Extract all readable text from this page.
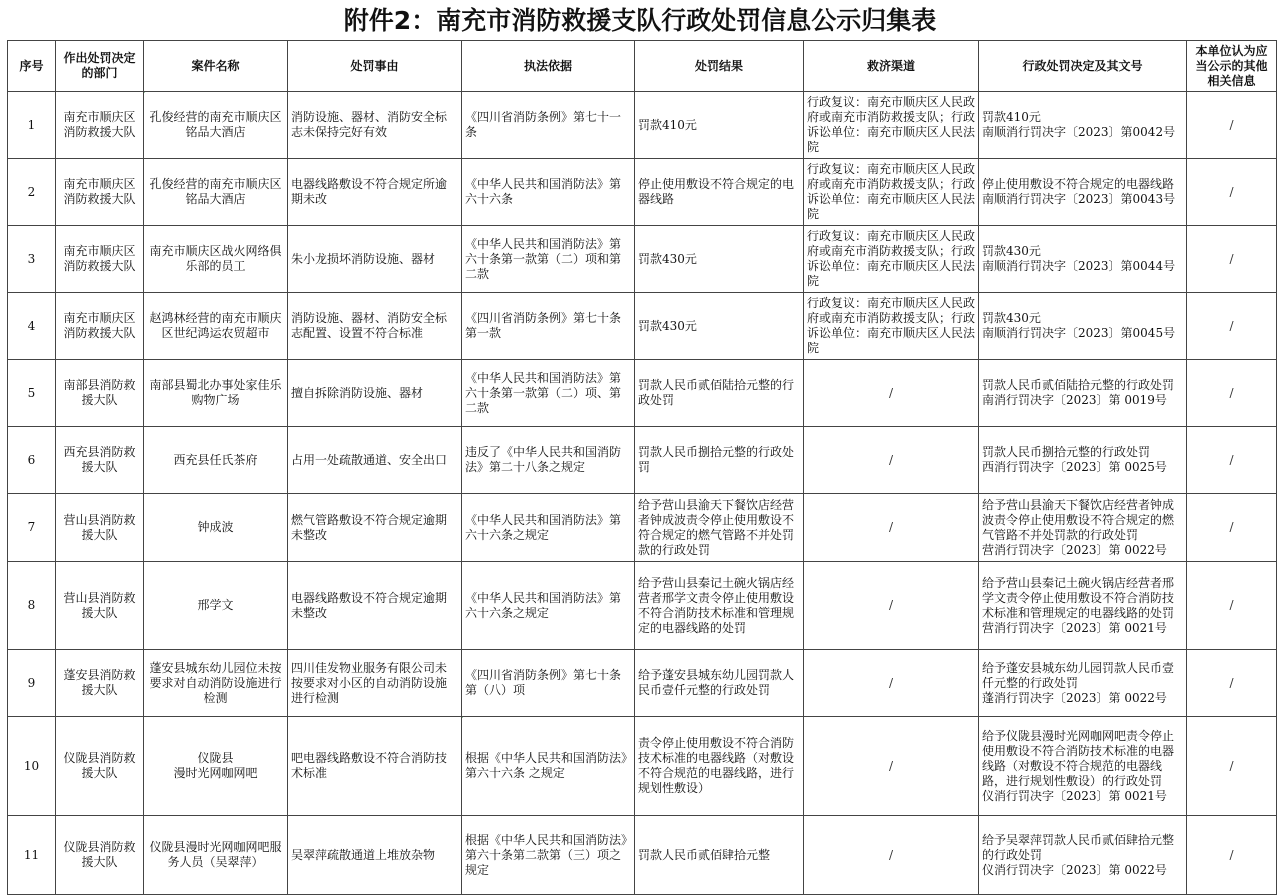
附件2：南充市消防救援支队行政处罚信息公示归集表
序号	作出处罚决定的部门	案件名称	处罚事由	执法依据	处罚结果	救济渠道	行政处罚决定及其文号	本单位认为应当公示的其他相关信息
1	南充市顺庆区消防救援大队	孔俊经营的南充市顺庆区铭品大酒店	消防设施、器材、消防安全标志未保持完好有效	《四川省消防条例》第七十一条	罚款410元	行政复议：南充市顺庆区人民政府或南充市消防救援支队；行政诉讼单位：南充市顺庆区人民法院	罚款410元
南顺消行罚决字〔2023〕第0042号	/
2	南充市顺庆区消防救援大队	孔俊经营的南充市顺庆区铭品大酒店	电器线路敷设不符合规定所逾期未改	《中华人民共和国消防法》第六十六条	停止使用敷设不符合规定的电器线路	行政复议：南充市顺庆区人民政府或南充市消防救援支队；行政诉讼单位：南充市顺庆区人民法院	停止使用敷设不符合规定的电器线路
南顺消行罚决字〔2023〕第0043号	/
3	南充市顺庆区消防救援大队	南充市顺庆区战火网络俱乐部的员工	朱小龙损坏消防设施、器材	《中华人民共和国消防法》第六十条第一款第（二）项和第二款	罚款430元	行政复议：南充市顺庆区人民政府或南充市消防救援支队；行政诉讼单位：南充市顺庆区人民法院	罚款430元
南顺消行罚决字〔2023〕第0044号	/
4	南充市顺庆区消防救援大队	赵鸿林经营的南充市顺庆区世纪鸿运农贸超市	消防设施、器材、消防安全标志配置、设置不符合标准	《四川省消防条例》第七十条第一款	罚款430元	行政复议：南充市顺庆区人民政府或南充市消防救援支队；行政诉讼单位：南充市顺庆区人民法院	罚款430元
南顺消行罚决字〔2023〕第0045号	/
5	南部县消防救援大队	南部县蜀北办事处家佳乐购物广场	擅自拆除消防设施、器材	《中华人民共和国消防法》第六十条第一款第（二）项、第二款	罚款人民币贰佰陆拾元整的行政处罚	/	罚款人民币贰佰陆拾元整的行政处罚
南消行罚决字〔2023〕第 0019号	/
6	西充县消防救援大队	西充县任氏茶府	占用一处疏散通道、安全出口	违反了《中华人民共和国消防法》第二十八条之规定	罚款人民币捌拾元整的行政处罚	/	罚款人民币捌拾元整的行政处罚
西消行罚决字〔2023〕第 0025号	/
7	营山县消防救援大队	钟成波	燃气管路敷设不符合规定逾期未整改	《中华人民共和国消防法》第六十六条之规定	给予营山县渝天下餐饮店经营者钟成波责令停止使用敷设不符合规定的燃气管路不并处罚款的行政处罚	/	给予营山县渝天下餐饮店经营者钟成波责令停止使用敷设不符合规定的燃气管路不并处罚款的行政处罚
营消行罚决字〔2023〕第 0022号	/
8	营山县消防救援大队	邢学文	电器线路敷设不符合规定逾期未整改	《中华人民共和国消防法》第六十六条之规定	给予营山县秦记土碗火锅店经营者邢学文责令停止使用敷设不符合消防技术标准和管理规定的电器线路的处罚	/	给予营山县秦记土碗火锅店经营者邢学文责令停止使用敷设不符合消防技术标准和管理规定的电器线路的处罚
营消行罚决字〔2023〕第 0021号	/
9	蓬安县消防救援大队	蓬安县城东幼儿园位未按要求对自动消防设施进行检测	四川佳发物业服务有限公司未按要求对小区的自动消防设施进行检测	《四川省消防条例》第七十条第（八）项	给予蓬安县城东幼儿园罚款人民币壹仟元整的行政处罚	/	给予蓬安县城东幼儿园罚款人民币壹仟元整的行政处罚
蓬消行罚决字〔2023〕第 0022号	/
10	仪陇县消防救援大队	仪陇县
漫时光网咖网吧	吧电器线路敷设不符合消防技术标准	根据《中华人民共和国消防法》第六十六条 之规定	责令停止使用敷设不符合消防技术标准的电器线路（对敷设不符合规范的电器线路，进行规划性敷设）	/	给予仪陇县漫时光网咖网吧责令停止使用敷设不符合消防技术标准的电器线路（对敷设不符合规范的电器线路，进行规划性敷设）的行政处罚
仪消行罚决字〔2023〕第 0021号	/
11	仪陇县消防救援大队	仪陇县漫时光网咖网吧服务人员（吴翠萍）	吴翠萍疏散通道上堆放杂物	根据《中华人民共和国消防法》第六十条第二款第（三）项之规定	罚款人民币贰佰肆拾元整	/	给予吴翠萍罚款人民币贰佰肆拾元整的行政处罚
仪消行罚决字〔2023〕第 0022号	/
